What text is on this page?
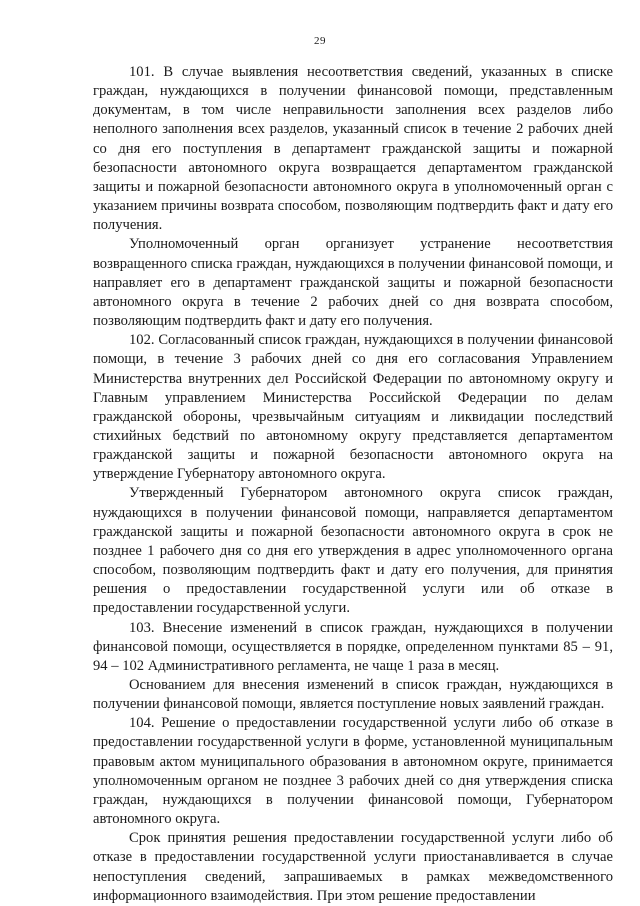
29

101. В случае выявления несоответствия сведений, указанных в списке граждан, нуждающихся в получении финансовой помощи, представленным документам, в том числе неправильности заполнения всех разделов либо неполного заполнения всех разделов, указанный список в течение 2 рабочих дней со дня его поступления в департамент гражданской защиты и пожарной безопасности автономного округа возвращается департаментом гражданской защиты и пожарной безопасности автономного округа в уполномоченный орган с указанием причины возврата способом, позволяющим подтвердить факт и дату его получения.

Уполномоченный орган организует устранение несоответствия возвращенного списка граждан, нуждающихся в получении финансовой помощи, и направляет его в департамент гражданской защиты и пожарной безопасности автономного округа в течение 2 рабочих дней со дня возврата способом, позволяющим подтвердить факт и дату его получения.

102. Согласованный список граждан, нуждающихся в получении финансовой помощи, в течение 3 рабочих дней со дня его согласования Управлением Министерства внутренних дел Российской Федерации по автономному округу и Главным управлением Министерства Российской Федерации по делам гражданской обороны, чрезвычайным ситуациям и ликвидации последствий стихийных бедствий по автономному округу представляется департаментом гражданской защиты и пожарной безопасности автономного округа на утверждение Губернатору автономного округа.

Утвержденный Губернатором автономного округа список граждан, нуждающихся в получении финансовой помощи, направляется департаментом гражданской защиты и пожарной безопасности автономного округа в срок не позднее 1 рабочего дня со дня его утверждения в адрес уполномоченного органа способом, позволяющим подтвердить факт и дату его получения, для принятия решения о предоставлении государственной услуги или об отказе в предоставлении государственной услуги.

103. Внесение изменений в список граждан, нуждающихся в получении финансовой помощи, осуществляется в порядке, определенном пунктами 85 – 91, 94 – 102 Административного регламента, не чаще 1 раза в месяц.

Основанием для внесения изменений в список граждан, нуждающихся в получении финансовой помощи, является поступление новых заявлений граждан.

104. Решение о предоставлении государственной услуги либо об отказе в предоставлении государственной услуги в форме, установленной муниципальным правовым актом муниципального образования в автономном округе, принимается уполномоченным органом не позднее 3 рабочих дней со дня утверждения списка граждан, нуждающихся в получении финансовой помощи, Губернатором автономного округа.

Срок принятия решения предоставлении государственной услуги либо об отказе в предоставлении государственной услуги приостанавливается в случае непоступления сведений, запрашиваемых в рамках межведомственного информационного взаимодействия. При этом решение предоставлении
